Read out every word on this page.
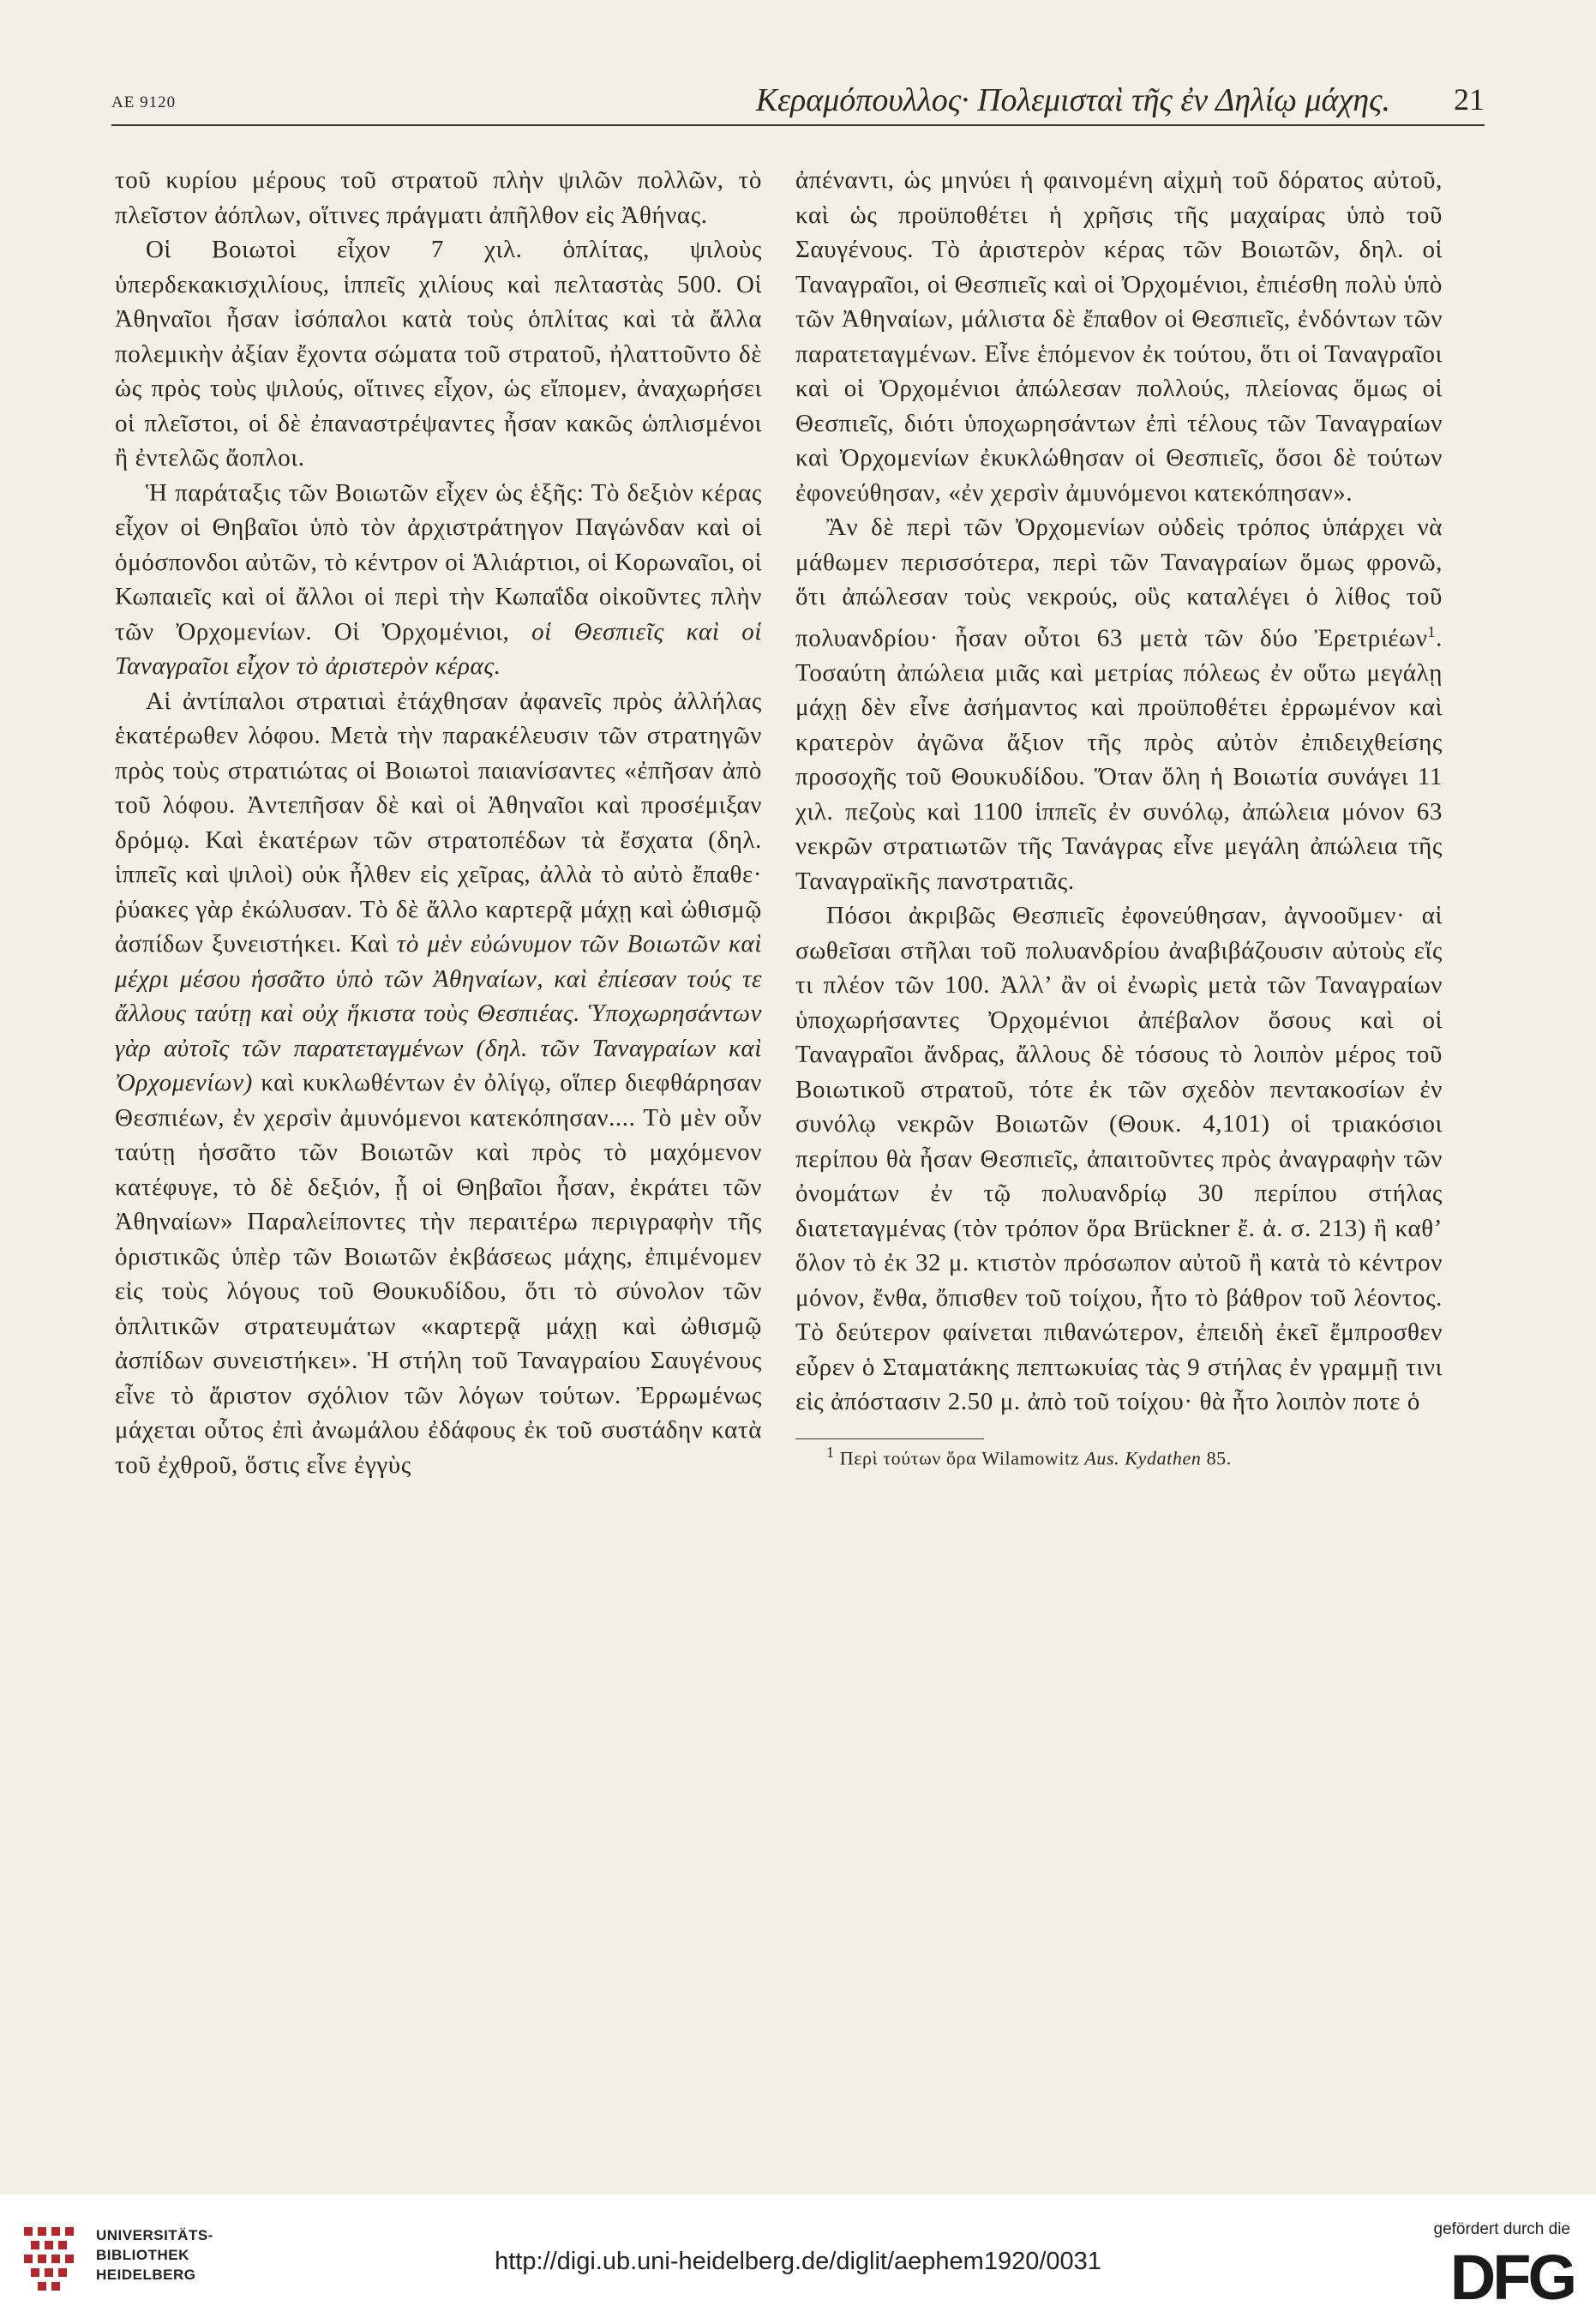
ΑΕ 9120	Κεραμόπουλλος· Πολεμισταὶ τῆς ἐν Δηλίῳ μάχης. 21

τοῦ κυρίου μέρους τοῦ στρατοῦ πλὴν ψιλῶν πολλῶν, τὸ πλεῖστον ἀόπλων, οἵτινες πράγματι ἀπῆλθον εἰς Ἀθήνας.

Οἱ Βοιωτοὶ εἶχον 7 χιλ. ὁπλίτας, ψιλοὺς ὑπερδεκακισχιλίους, ἱππεῖς χιλίους καὶ πελταστὰς 500. Οἱ Ἀθηναῖοι ἦσαν ἰσόπαλοι κατὰ τοὺς ὁπλίτας καὶ τὰ ἄλλα πολεμικὴν ἀξίαν ἔχοντα σώματα τοῦ στρατοῦ, ἠλαττοῦντο δὲ ὡς πρὸς τοὺς ψιλούς, οἵτινες εἶχον, ὡς εἴπομεν, ἀναχωρήσει οἱ πλεῖστοι, οἱ δὲ ἐπαναστρέψαντες ἦσαν κακῶς ὡπλισμένοι ἢ ἐντελῶς ἄοπλοι.

Ἡ παράταξις τῶν Βοιωτῶν εἶχεν ὡς ἑξῆς: Τὸ δεξιὸν κέρας εἶχον οἱ Θηβαῖοι ὑπὸ τὸν ἀρχιστράτηγον Παγώνδαν καὶ οἱ ὁμόσπονδοι αὐτῶν, τὸ κέντρον οἱ Ἁλιάρτιοι, οἱ Κορωναῖοι, οἱ Κωπαιεῖς καὶ οἱ ἄλλοι οἱ περὶ τὴν Κωπαΐδα οἰκοῦντες πλὴν τῶν Ὀρχομενίων. Οἱ Ὀρχομένιοι, οἱ Θεσπιεῖς καὶ οἱ Ταναγραῖοι εἶχον τὸ ἀριστερὸν κέρας.

Αἱ ἀντίπαλοι στρατιαὶ ἐτάχθησαν ἀφανεῖς πρὸς ἀλλήλας ἑκατέρωθεν λόφου. Μετὰ τὴν παρακέλευσιν τῶν στρατηγῶν πρὸς τοὺς στρατιώτας οἱ Βοιωτοὶ παιανίσαντες «ἐπῆσαν ἀπὸ τοῦ λόφου. Ἀντεπῆσαν δὲ καὶ οἱ Ἀθηναῖοι καὶ προσέμιξαν δρόμῳ. Καὶ ἑκατέρων τῶν στρατοπέδων τὰ ἔσχατα (δηλ. ἱππεῖς καὶ ψιλοὶ) οὐκ ἦλθεν εἰς χεῖρας, ἀλλὰ τὸ αὐτὸ ἔπαθε· ῥύακες γὰρ ἐκώλυσαν. Τὸ δὲ ἄλλο καρτερᾷ μάχῃ καὶ ὠθισμῷ ἀσπίδων ξυνειστήκει. Καὶ τὸ μὲν εὐώνυμον τῶν Βοιωτῶν καὶ μέχρι μέσου ἡσσᾶτο ὑπὸ τῶν Ἀθηναίων, καὶ ἐπίεσαν τούς τε ἄλλους ταύτῃ καὶ οὐχ ἥκιστα τοὺς Θεσπιέας. Ὑποχωρησάντων γὰρ αὐτοῖς τῶν παρατεταγμένων (δηλ. τῶν Ταναγραίων καὶ Ὀρχομενίων) καὶ κυκλωθέντων ἐν ὀλίγῳ, οἵπερ διεφθάρησαν Θεσπιέων, ἐν χερσὶν ἀμυνόμενοι κατεκόπησαν.... Τὸ μὲν οὖν ταύτῃ ἡσσᾶτο τῶν Βοιωτῶν καὶ πρὸς τὸ μαχόμενον κατέφυγε, τὸ δὲ δεξιόν, ᾗ οἱ Θηβαῖοι ἦσαν, ἐκράτει τῶν Ἀθηναίων» Παραλείποντες τὴν περαιτέρω περιγραφὴν τῆς ὁριστικῶς ὑπὲρ τῶν Βοιωτῶν ἐκβάσεως μάχης, ἐπιμένομεν εἰς τοὺς λόγους τοῦ Θουκυδίδου, ὅτι τὸ σύνολον τῶν ὁπλιτικῶν στρατευμάτων «καρτερᾷ μάχῃ καὶ ὠθισμῷ ἀσπίδων συνειστήκει». Ἡ στήλη τοῦ Ταναγραίου Σαυγένους εἶνε τὸ ἄριστον σχόλιον τῶν λόγων τούτων. Ἐρρωμένως μάχεται οὗτος ἐπὶ ἀνωμάλου ἐδάφους ἐκ τοῦ συστάδην κατὰ τοῦ ἐχθροῦ, ὅστις εἶνε ἐγγὺς

ἀπέναντι, ὡς μηνύει ἡ φαινομένη αἰχμὴ τοῦ δόρατος αὐτοῦ, καὶ ὡς προϋποθέτει ἡ χρῆσις τῆς μαχαίρας ὑπὸ τοῦ Σαυγένους. Τὸ ἀριστερὸν κέρας τῶν Βοιωτῶν, δηλ. οἱ Ταναγραῖοι, οἱ Θεσπιεῖς καὶ οἱ Ὀρχομένιοι, ἐπιέσθη πολὺ ὑπὸ τῶν Ἀθηναίων, μάλιστα δὲ ἔπαθον οἱ Θεσπιεῖς, ἐνδόντων τῶν παρατεταγμένων. Εἶνε ἑπόμενον ἐκ τούτου, ὅτι οἱ Ταναγραῖοι καὶ οἱ Ὀρχομένιοι ἀπώλεσαν πολλούς, πλείονας ὅμως οἱ Θεσπιεῖς, διότι ὑποχωρησάντων ἐπὶ τέλους τῶν Ταναγραίων καὶ Ὀρχομενίων ἐκυκλώθησαν οἱ Θεσπιεῖς, ὅσοι δὲ τούτων ἐφονεύθησαν, «ἐν χερσὶν ἀμυνόμενοι κατεκόπησαν».

Ἂν δὲ περὶ τῶν Ὀρχομενίων οὐδεὶς τρόπος ὑπάρχει νὰ μάθωμεν περισσότερα, περὶ τῶν Ταναγραίων ὅμως φρονῶ, ὅτι ἀπώλεσαν τοὺς νεκρούς, οὓς καταλέγει ὁ λίθος τοῦ πολυανδρίου· ἦσαν οὗτοι 63 μετὰ τῶν δύο Ἐρετριέων$^1$. Τοσαύτη ἀπώλεια μιᾶς καὶ μετρίας πόλεως ἐν οὕτω μεγάλῃ μάχῃ δὲν εἶνε ἀσήμαντος καὶ προϋποθέτει ἐρρωμένον καὶ κρατερὸν ἀγῶνα ἄξιον τῆς πρὸς αὐτὸν ἐπιδειχθείσης προσοχῆς τοῦ Θουκυδίδου. Ὅταν ὅλη ἡ Βοιωτία συνάγει 11 χιλ. πεζοὺς καὶ 1100 ἱππεῖς ἐν συνόλῳ, ἀπώλεια μόνον 63 νεκρῶν στρατιωτῶν τῆς Τανάγρας εἶνε μεγάλη ἀπώλεια τῆς Ταναγραϊκῆς πανστρατιᾶς.

Πόσοι ἀκριβῶς Θεσπιεῖς ἐφονεύθησαν, ἀγνοοῦμεν· αἱ σωθεῖσαι στῆλαι τοῦ πολυανδρίου ἀναβιβάζουσιν αὐτοὺς εἴς τι πλέον τῶν 100. Ἀλλ’ ἂν οἱ ἐνωρὶς μετὰ τῶν Ταναγραίων ὑποχωρήσαντες Ὀρχομένιοι ἀπέβαλον ὅσους καὶ οἱ Ταναγραῖοι ἄνδρας, ἄλλους δὲ τόσους τὸ λοιπὸν μέρος τοῦ Βοιωτικοῦ στρατοῦ, τότε ἐκ τῶν σχεδὸν πεντακοσίων ἐν συνόλῳ νεκρῶν Βοιωτῶν (Θουκ. 4,101) οἱ τριακόσιοι περίπου θὰ ἦσαν Θεσπιεῖς, ἀπαιτοῦντες πρὸς ἀναγραφὴν τῶν ὀνομάτων ἐν τῷ πολυανδρίῳ 30 περίπου στήλας διατεταγμένας (τὸν τρόπον ὅρα Brückner ἔ. ἀ. σ. 213) ἢ καθ’ ὅλον τὸ ἐκ 32 μ. κτιστὸν πρόσωπον αὐτοῦ ἢ κατὰ τὸ κέντρον μόνον, ἔνθα, ὄπισθεν τοῦ τοίχου, ἦτο τὸ βάθρον τοῦ λέοντος. Τὸ δεύτερον φαίνεται πιθανώτερον, ἐπειδὴ ἐκεῖ ἔμπροσθεν εὗρεν ὁ Σταματάκης πεπτωκυίας τὰς 9 στήλας ἐν γραμμῇ τινι εἰς ἀπόστασιν 2.50 μ. ἀπὸ τοῦ τοίχου· θὰ ἦτο λοιπὸν ποτε ὁ

$^1$ Περὶ τούτων ὅρα Wilamowitz Aus. Kydathen 85.

UNIVERSITÄTS-
BIBLIOTHEK
HEIDELBERG	http://digi.ub.uni-heidelberg.de/diglit/aephem1920/0031
gefördert durch die
DFG
